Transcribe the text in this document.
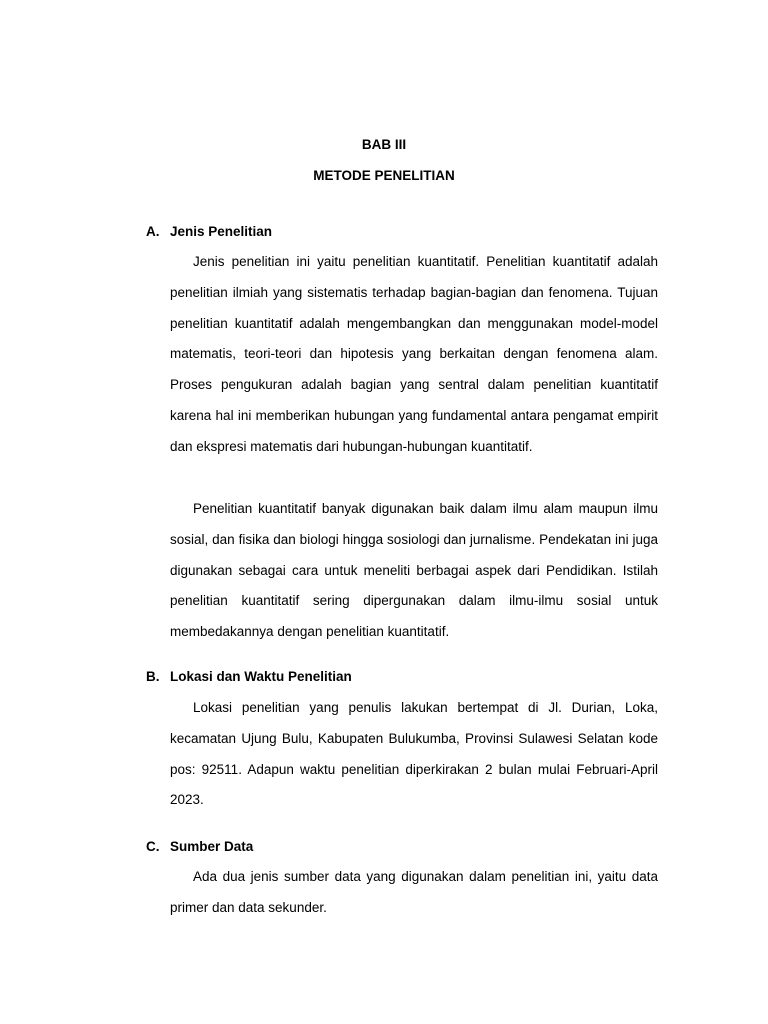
BAB III
METODE PENELITIAN
A. Jenis Penelitian

Jenis penelitian ini yaitu penelitian kuantitatif. Penelitian kuantitatif adalah penelitian ilmiah yang sistematis terhadap bagian-bagian dan fenomena. Tujuan penelitian kuantitatif adalah mengembangkan dan menggunakan model-model matematis, teori-teori dan hipotesis yang berkaitan dengan fenomena alam. Proses pengukuran adalah bagian yang sentral dalam penelitian kuantitatif karena hal ini memberikan hubungan yang fundamental antara pengamat empirit dan ekspresi matematis dari hubungan-hubungan kuantitatif.

Penelitian kuantitatif banyak digunakan baik dalam ilmu alam maupun ilmu sosial, dan fisika dan biologi hingga sosiologi dan jurnalisme. Pendekatan ini juga digunakan sebagai cara untuk meneliti berbagai aspek dari Pendidikan. Istilah penelitian kuantitatif sering dipergunakan dalam ilmu-ilmu sosial untuk membedakannya dengan penelitian kuantitatif.

B. Lokasi dan Waktu Penelitian

Lokasi penelitian yang penulis lakukan bertempat di Jl. Durian, Loka, kecamatan Ujung Bulu, Kabupaten Bulukumba, Provinsi Sulawesi Selatan kode pos: 92511. Adapun waktu penelitian diperkirakan 2 bulan mulai Februari-April 2023.

C. Sumber Data

Ada dua jenis sumber data yang digunakan dalam penelitian ini, yaitu data primer dan data sekunder.
